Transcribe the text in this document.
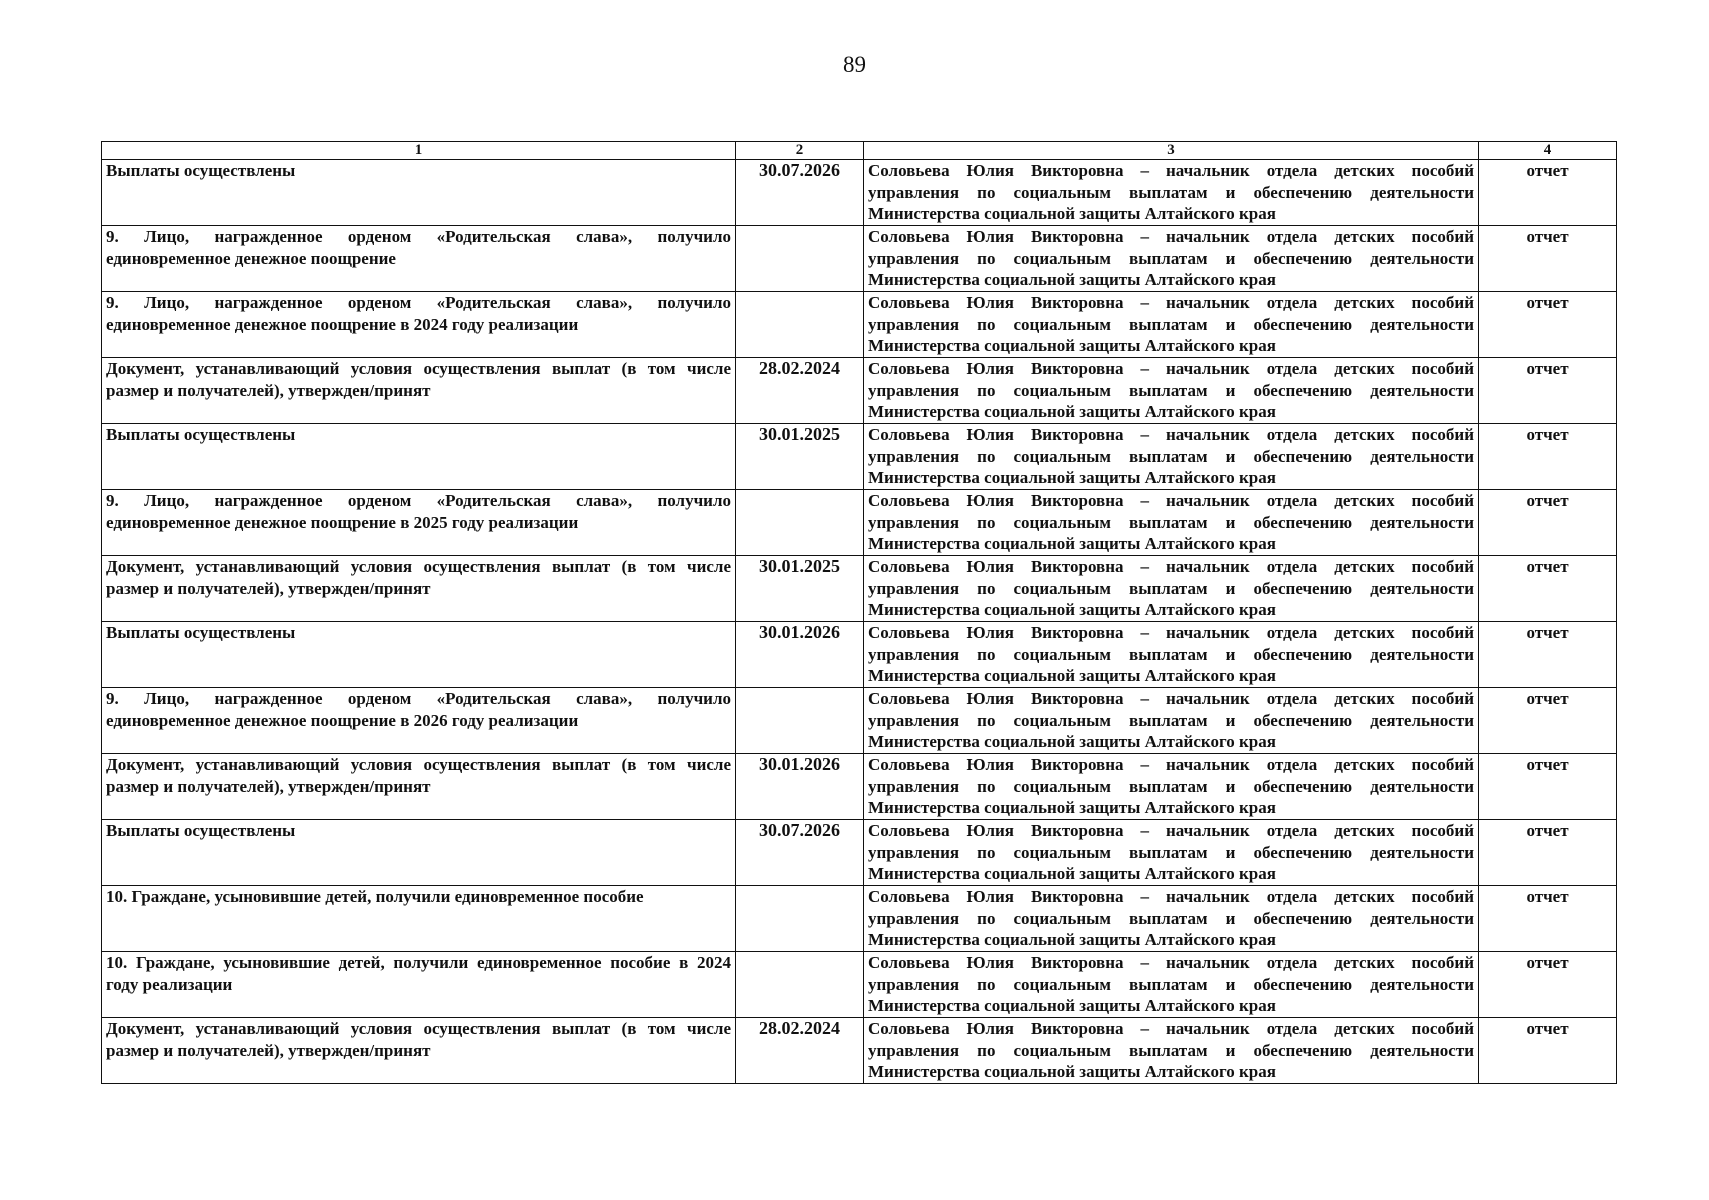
89
1	2	3	4
Выплаты осуществлены	30.07.2026	Соловьева Юлия Викторовна – начальник отдела детских пособий управления по социальным выплатам и обеспечению деятельности Министерства социальной защиты Алтайского края	отчет
9. Лицо, награжденное орденом «Родительская слава», получило единовременное денежное поощрение		Соловьева Юлия Викторовна – начальник отдела детских пособий управления по социальным выплатам и обеспечению деятельности Министерства социальной защиты Алтайского края	отчет
9. Лицо, награжденное орденом «Родительская слава», получило единовременное денежное поощрение в 2024 году реализации		Соловьева Юлия Викторовна – начальник отдела детских пособий управления по социальным выплатам и обеспечению деятельности Министерства социальной защиты Алтайского края	отчет
Документ, устанавливающий условия осуществления выплат (в том числе размер и получателей), утвержден/принят	28.02.2024	Соловьева Юлия Викторовна – начальник отдела детских пособий управления по социальным выплатам и обеспечению деятельности Министерства социальной защиты Алтайского края	отчет
Выплаты осуществлены	30.01.2025	Соловьева Юлия Викторовна – начальник отдела детских пособий управления по социальным выплатам и обеспечению деятельности Министерства социальной защиты Алтайского края	отчет
9. Лицо, награжденное орденом «Родительская слава», получило единовременное денежное поощрение в 2025 году реализации		Соловьева Юлия Викторовна – начальник отдела детских пособий управления по социальным выплатам и обеспечению деятельности Министерства социальной защиты Алтайского края	отчет
Документ, устанавливающий условия осуществления выплат (в том числе размер и получателей), утвержден/принят	30.01.2025	Соловьева Юлия Викторовна – начальник отдела детских пособий управления по социальным выплатам и обеспечению деятельности Министерства социальной защиты Алтайского края	отчет
Выплаты осуществлены	30.01.2026	Соловьева Юлия Викторовна – начальник отдела детских пособий управления по социальным выплатам и обеспечению деятельности Министерства социальной защиты Алтайского края	отчет
9. Лицо, награжденное орденом «Родительская слава», получило единовременное денежное поощрение в 2026 году реализации		Соловьева Юлия Викторовна – начальник отдела детских пособий управления по социальным выплатам и обеспечению деятельности Министерства социальной защиты Алтайского края	отчет
Документ, устанавливающий условия осуществления выплат (в том числе размер и получателей), утвержден/принят	30.01.2026	Соловьева Юлия Викторовна – начальник отдела детских пособий управления по социальным выплатам и обеспечению деятельности Министерства социальной защиты Алтайского края	отчет
Выплаты осуществлены	30.07.2026	Соловьева Юлия Викторовна – начальник отдела детских пособий управления по социальным выплатам и обеспечению деятельности Министерства социальной защиты Алтайского края	отчет
10. Граждане, усыновившие детей, получили единовременное пособие		Соловьева Юлия Викторовна – начальник отдела детских пособий управления по социальным выплатам и обеспечению деятельности Министерства социальной защиты Алтайского края	отчет
10. Граждане, усыновившие детей, получили единовременное пособие в 2024 году реализации		Соловьева Юлия Викторовна – начальник отдела детских пособий управления по социальным выплатам и обеспечению деятельности Министерства социальной защиты Алтайского края	отчет
Документ, устанавливающий условия осуществления выплат (в том числе размер и получателей), утвержден/принят	28.02.2024	Соловьева Юлия Викторовна – начальник отдела детских пособий управления по социальным выплатам и обеспечению деятельности Министерства социальной защиты Алтайского края	отчет
